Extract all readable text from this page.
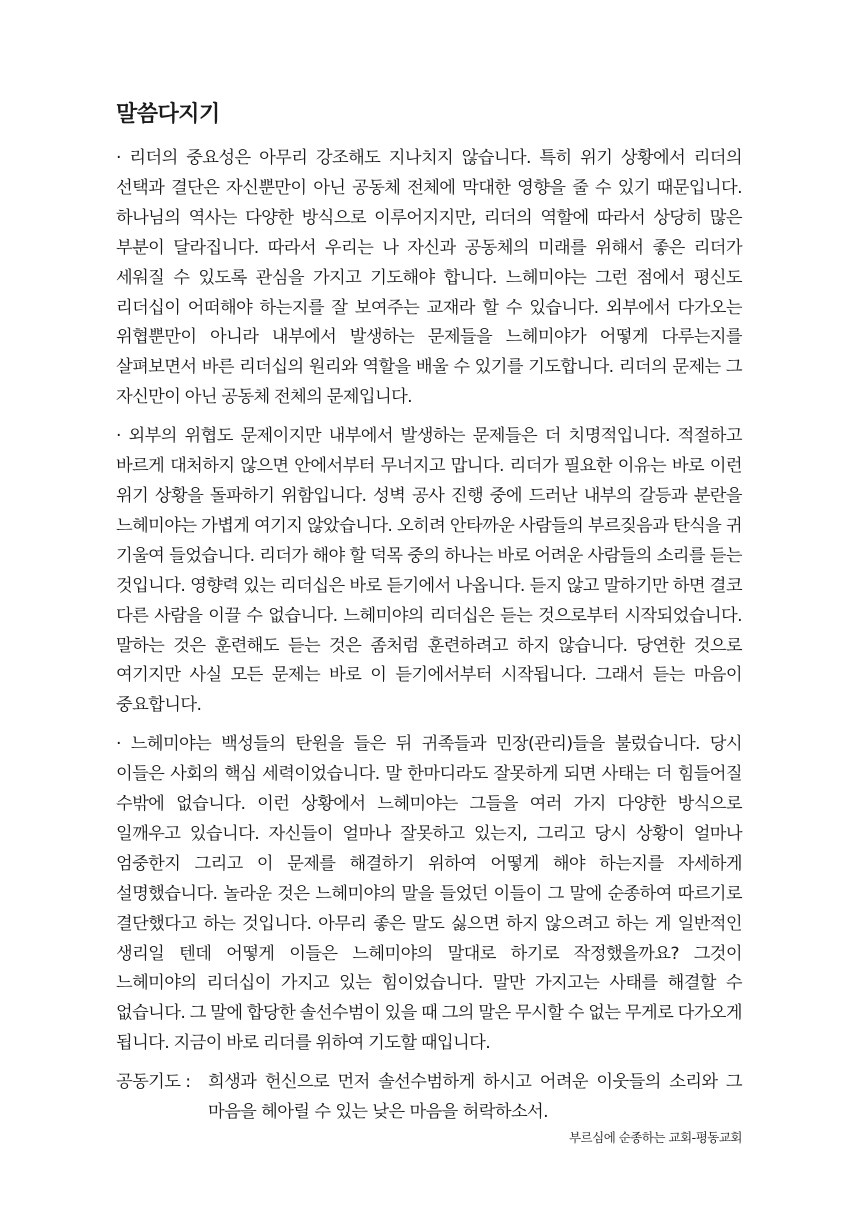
말씀다지기

· 리더의 중요성은 아무리 강조해도 지나치지 않습니다. 특히 위기 상황에서 리더의 선택과 결단은 자신뿐만이 아닌 공동체 전체에 막대한 영향을 줄 수 있기 때문입니다. 하나님의 역사는 다양한 방식으로 이루어지지만, 리더의 역할에 따라서 상당히 많은 부분이 달라집니다. 따라서 우리는 나 자신과 공동체의 미래를 위해서 좋은 리더가 세워질 수 있도록 관심을 가지고 기도해야 합니다. 느헤미야는 그런 점에서 평신도 리더십이 어떠해야 하는지를 잘 보여주는 교재라 할 수 있습니다. 외부에서 다가오는 위협뿐만이 아니라 내부에서 발생하는 문제들을 느헤미야가 어떻게 다루는지를 살펴보면서 바른 리더십의 원리와 역할을 배울 수 있기를 기도합니다. 리더의 문제는 그 자신만이 아닌 공동체 전체의 문제입니다.

· 외부의 위협도 문제이지만 내부에서 발생하는 문제들은 더 치명적입니다. 적절하고 바르게 대처하지 않으면 안에서부터 무너지고 맙니다. 리더가 필요한 이유는 바로 이런 위기 상황을 돌파하기 위함입니다. 성벽 공사 진행 중에 드러난 내부의 갈등과 분란을 느헤미야는 가볍게 여기지 않았습니다. 오히려 안타까운 사람들의 부르짖음과 탄식을 귀 기울여 들었습니다. 리더가 해야 할 덕목 중의 하나는 바로 어려운 사람들의 소리를 듣는 것입니다. 영향력 있는 리더십은 바로 듣기에서 나옵니다. 듣지 않고 말하기만 하면 결코 다른 사람을 이끌 수 없습니다. 느헤미야의 리더십은 듣는 것으로부터 시작되었습니다. 말하는 것은 훈련해도 듣는 것은 좀처럼 훈련하려고 하지 않습니다. 당연한 것으로 여기지만 사실 모든 문제는 바로 이 듣기에서부터 시작됩니다. 그래서 듣는 마음이 중요합니다.

· 느헤미야는 백성들의 탄원을 들은 뒤 귀족들과 민장(관리)들을 불렀습니다. 당시 이들은 사회의 핵심 세력이었습니다. 말 한마디라도 잘못하게 되면 사태는 더 힘들어질 수밖에 없습니다. 이런 상황에서 느헤미야는 그들을 여러 가지 다양한 방식으로 일깨우고 있습니다. 자신들이 얼마나 잘못하고 있는지, 그리고 당시 상황이 얼마나 엄중한지 그리고 이 문제를 해결하기 위하여 어떻게 해야 하는지를 자세하게 설명했습니다. 놀라운 것은 느헤미야의 말을 들었던 이들이 그 말에 순종하여 따르기로 결단했다고 하는 것입니다. 아무리 좋은 말도 싫으면 하지 않으려고 하는 게 일반적인 생리일 텐데 어떻게 이들은 느헤미야의 말대로 하기로 작정했을까요? 그것이 느헤미야의 리더십이 가지고 있는 힘이었습니다. 말만 가지고는 사태를 해결할 수 없습니다. 그 말에 합당한 솔선수범이 있을 때 그의 말은 무시할 수 없는 무게로 다가오게 됩니다. 지금이 바로 리더를 위하여 기도할 때입니다.

공동기도 : 희생과 헌신으로 먼저 솔선수범하게 하시고 어려운 이웃들의 소리와 그 마음을 헤아릴 수 있는 낮은 마음을 허락하소서.
부르심에 순종하는 교회-평동교회
